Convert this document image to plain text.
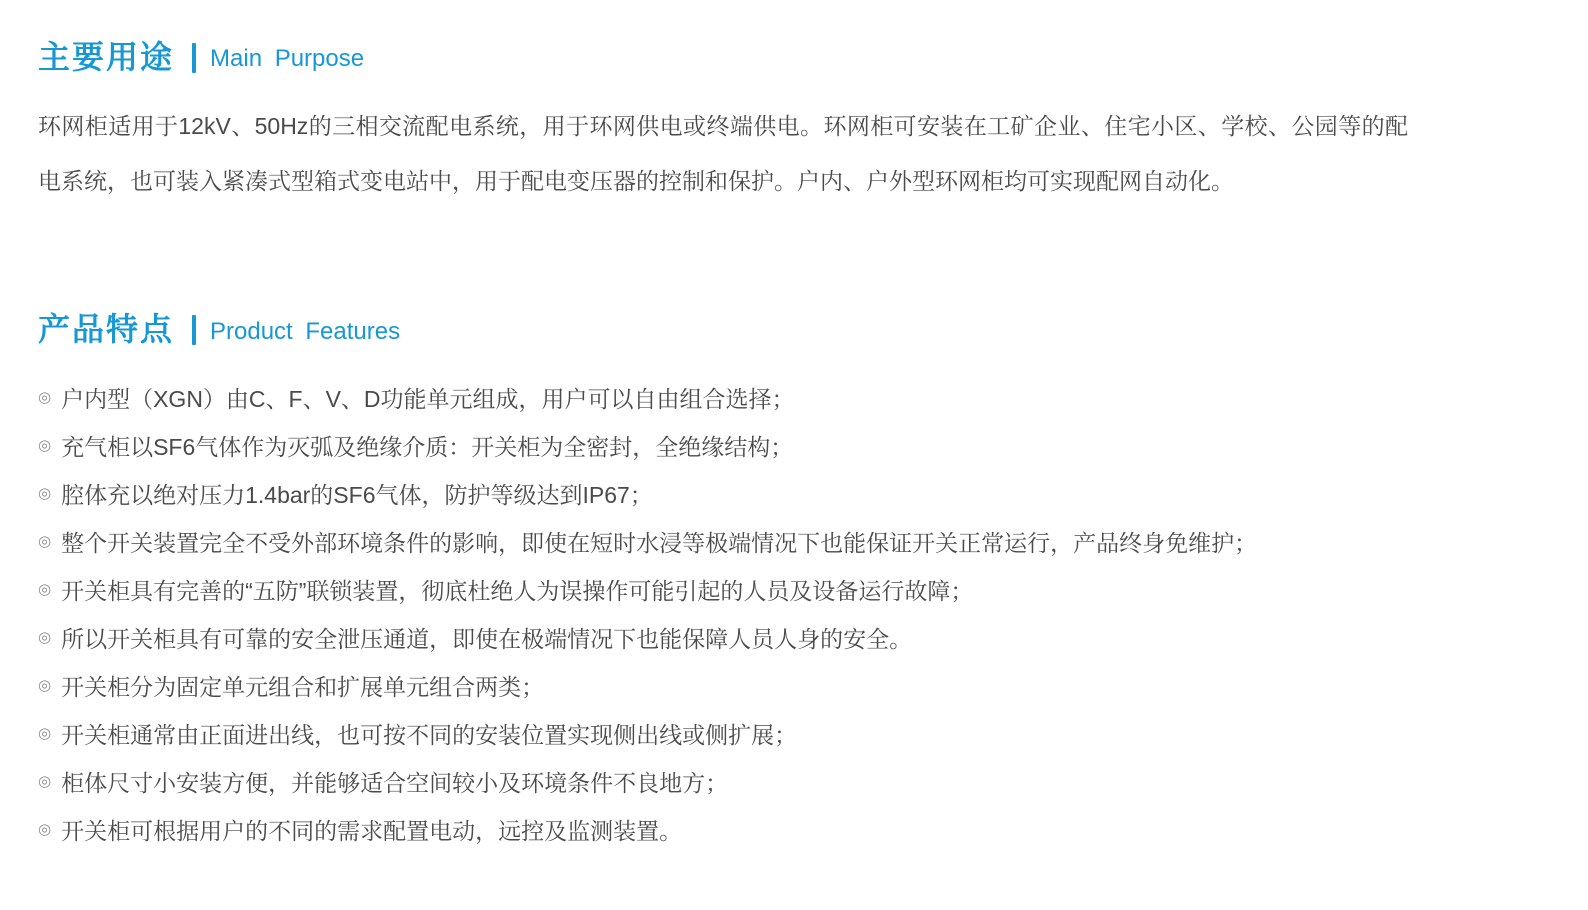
主要用途 Main Purpose

环网柜适用于12kV、50Hz的三相交流配电系统，用于环网供电或终端供电。环网柜可安装在工矿企业、住宅小区、学校、公园等的配电系统，也可装入紧凑式型箱式变电站中，用于配电变压器的控制和保护。户内、户外型环网柜均可实现配网自动化。

产品特点 Product Features
◎ 户内型（XGN）由C、F、V、D功能单元组成，用户可以自由组合选择；
◎ 充气柜以SF6气体作为灭弧及绝缘介质：开关柜为全密封，全绝缘结构；
◎ 腔体充以绝对压力1.4bar的SF6气体，防护等级达到IP67；
◎ 整个开关装置完全不受外部环境条件的影响，即使在短时水浸等极端情况下也能保证开关正常运行，产品终身免维护；
◎ 开关柜具有完善的“五防”联锁装置，彻底杜绝人为误操作可能引起的人员及设备运行故障；
◎ 所以开关柜具有可靠的安全泄压通道，即使在极端情况下也能保障人员人身的安全。
◎ 开关柜分为固定单元组合和扩展单元组合两类；
◎ 开关柜通常由正面进出线，也可按不同的安装位置实现侧出线或侧扩展；
◎ 柜体尺寸小安装方便，并能够适合空间较小及环境条件不良地方；
◎ 开关柜可根据用户的不同的需求配置电动，远控及监测装置。
